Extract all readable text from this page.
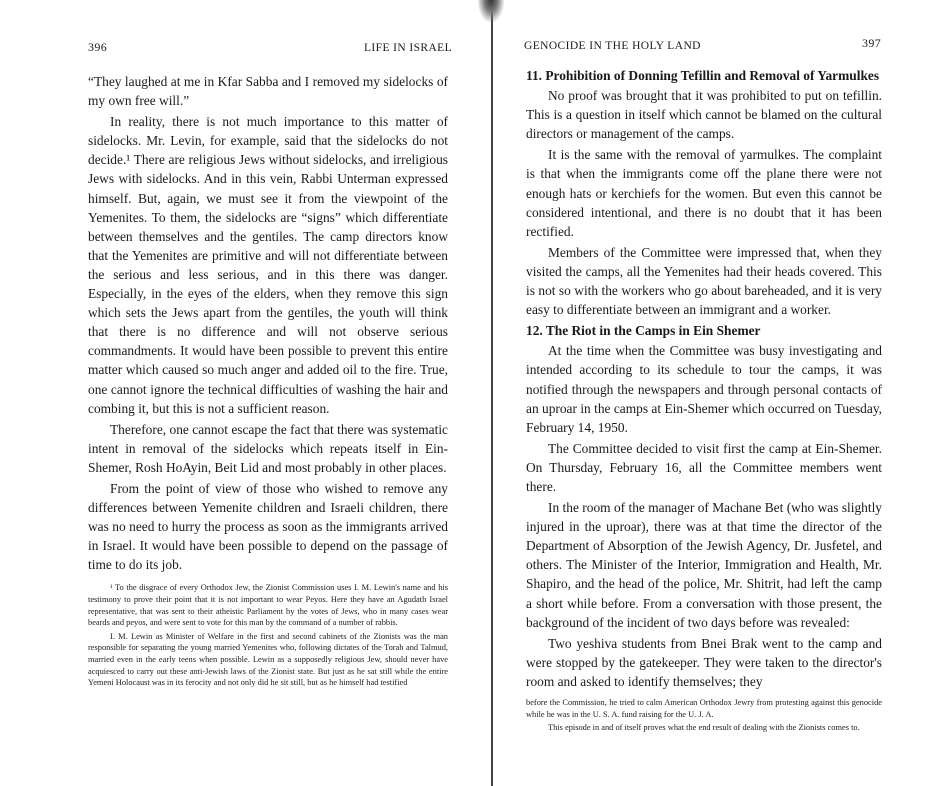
396	LIFE IN ISRAEL

“They laughed at me in Kfar Sabba and I removed my sidelocks of my own free will.”

In reality, there is not much importance to this matter of sidelocks. Mr. Levin, for example, said that the sidelocks do not decide.¹ There are religious Jews without sidelocks, and irreligious Jews with sidelocks. And in this vein, Rabbi Unterman expressed himself. But, again, we must see it from the viewpoint of the Yemenites. To them, the sidelocks are “signs” which differentiate between themselves and the gentiles. The camp directors know that the Yemenites are primitive and will not differentiate between the serious and less serious, and in this there was danger. Especially, in the eyes of the elders, when they remove this sign which sets the Jews apart from the gentiles, the youth will think that there is no difference and will not observe serious commandments. It would have been possible to prevent this entire matter which caused so much anger and added oil to the fire. True, one cannot ignore the technical difficulties of washing the hair and combing it, but this is not a sufficient reason.

Therefore, one cannot escape the fact that there was systematic intent in removal of the sidelocks which repeats itself in Ein-Shemer, Rosh HoAyin, Beit Lid and most probably in other places.

From the point of view of those who wished to remove any differences between Yemenite children and Israeli children, there was no need to hurry the process as soon as the immigrants arrived in Israel. It would have been possible to depend on the passage of time to do its job.

¹ To the disgrace of every Orthodox Jew, the Zionist Commission uses I. M. Lewin's name and his testimony to prove their point that it is not important to wear Peyos. Here they have an Agudath Israel representative, that was sent to their atheistic Parliament by the votes of Jews, who in many cases wear beards and peyos, and were sent to vote for this man by the command of a number of rabbis.

I. M. Lewin as Minister of Welfare in the first and second cabinets of the Zionists was the man responsible for separating the young married Yemenites who, following dictates of the Torah and Talmud, married even in the early teens when possible. Lewin as a supposedly religious Jew, should never have acquiesced to carry out these anti-Jewish laws of the Zionist state. But just as he sat still while the entire Yemeni Holocaust was in its ferocity and not only did he sit still, but as he himself had testified

GENOCIDE IN THE HOLY LAND	397
11. Prohibition of Donning Tefillin and Removal of Yarmulkes

No proof was brought that it was prohibited to put on tefillin. This is a question in itself which cannot be blamed on the cultural directors or management of the camps.

It is the same with the removal of yarmulkes. The complaint is that when the immigrants come off the plane there were not enough hats or kerchiefs for the women. But even this cannot be considered intentional, and there is no doubt that it has been rectified.

Members of the Committee were impressed that, when they visited the camps, all the Yemenites had their heads covered. This is not so with the workers who go about bareheaded, and it is very easy to differentiate between an immigrant and a worker.

12. The Riot in the Camps in Ein Shemer

At the time when the Committee was busy investigating and intended according to its schedule to tour the camps, it was notified through the newspapers and through personal contacts of an uproar in the camps at Ein-Shemer which occurred on Tuesday, February 14, 1950.

The Committee decided to visit first the camp at Ein-Shemer. On Thursday, February 16, all the Committee members went there.

In the room of the manager of Machane Bet (who was slightly injured in the uproar), there was at that time the director of the Department of Absorption of the Jewish Agency, Dr. Jusfetel, and others. The Minister of the Interior, Immigration and Health, Mr. Shapiro, and the head of the police, Mr. Shitrit, had left the camp a short while before. From a conversation with those present, the background of the incident of two days before was revealed:

Two yeshiva students from Bnei Brak went to the camp and were stopped by the gatekeeper. They were taken to the director's room and asked to identify themselves; they

before the Commission, he tried to calm American Orthodox Jewry from protesting against this genocide while he was in the U. S. A. fund raising for the U. J. A.

This episode in and of itself proves what the end result of dealing with the Zionists comes to.
